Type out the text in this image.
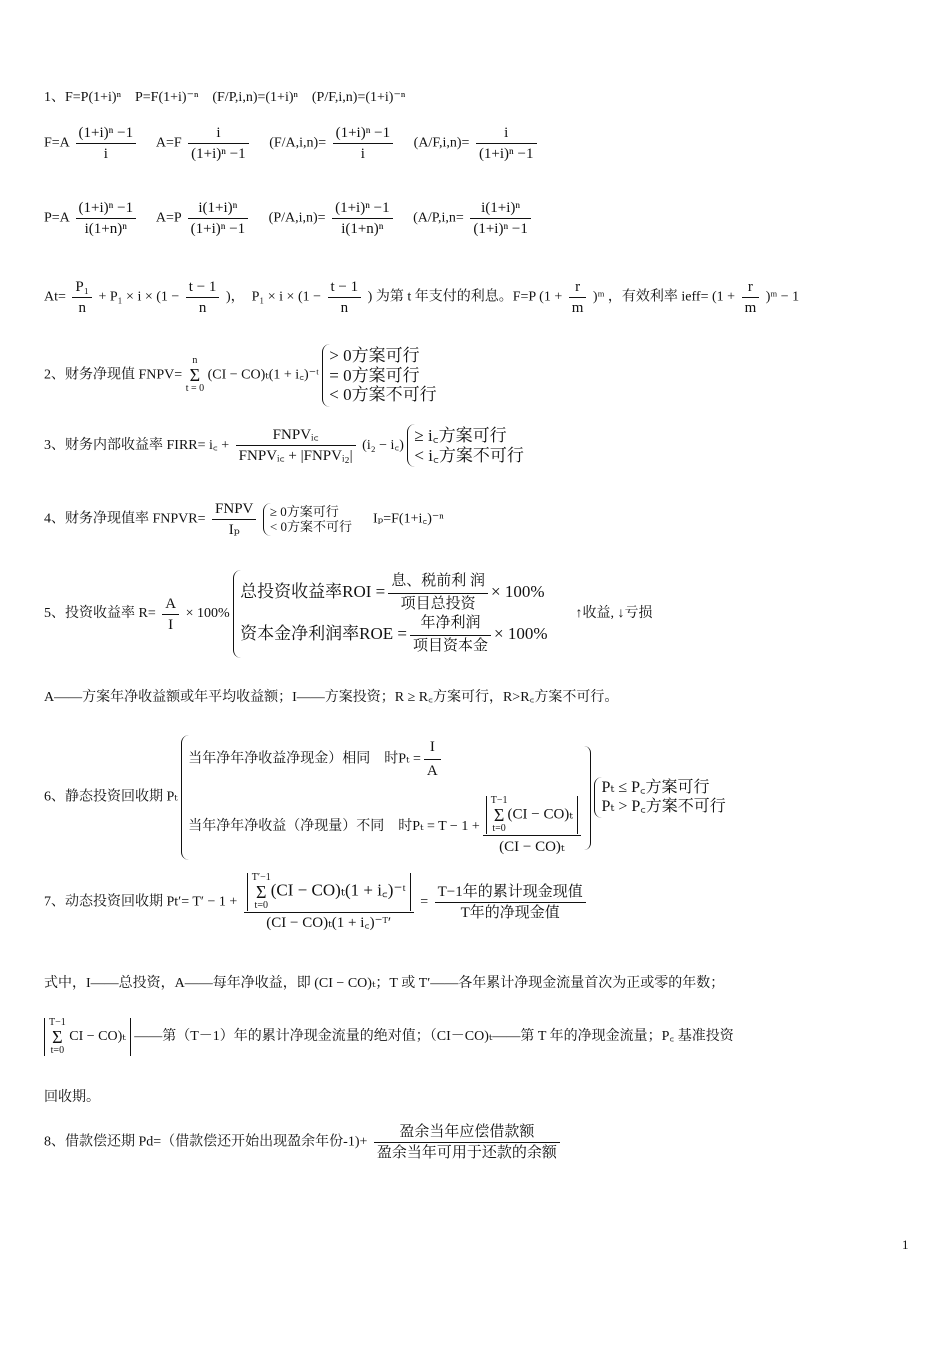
1、F=P(1+i)ⁿ　P=F(1+i)⁻ⁿ　(F/P,i,n)=(1+i)ⁿ　(P/F,i,n)=(1+i)⁻ⁿ
$F=A \frac{\text{(1+i)ⁿ −1}}{i} A=F \frac{i}{\text{(1+i)ⁿ −1}} (F/A,i,n)= \frac{\text{(1+i)ⁿ −1}}{i} (A/F,i,n)= \frac{i}{\text{(1+i)ⁿ −1}}$
$P=A \frac{\text{(1+i)ⁿ −1}}{\text{i(1+n)ⁿ}} A=P \frac{\text{i(1+i)ⁿ}}{\text{(1+i)ⁿ −1}} (P/A,i,n)= \frac{\text{(1+i)ⁿ −1}}{\text{i(1+n)ⁿ}} (A/P,i,n= \frac{\text{i(1+i)ⁿ}}{\text{(1+i)ⁿ −1}}$
$At= \frac{\text{P₁}}{n} + P_1 \times i \times (1 - \frac{t - 1}{n}$ )，　$P_1 \times i \times (1 - \frac{t - 1}{n}$ ) 为第 t 年支付的利息。F=P ($1 + \frac{r}{m}$ )ᵐ ，有效利率 ieff= ($1 + \frac{r}{m}$ )ᵐ − 1
2、财务净现值 FNPV= n
Σ
t = 0 (CI − CO)ₜ(1 + i꜀)⁻ᵗ
> 0方案可行
= 0方案可行
< 0方案不可行
3、财务内部收益率 FIRR= i꜀ + $\frac{\text{FNPVᵢ꜀}}{\text{FNPVᵢ꜀ + |FNPVᵢ₂|}} (i_2$ − i꜀)
≥ i꜀方案可行
< i꜀方案不可行
4、财务净现值率 FNPVR= $\frac{\text{FNPV}}{\text{Iₚ}}$
≥ 0方案可行
< 0方案不可行 Iₚ=F(1+i꜀)⁻ⁿ
5、投资收益率 $R= \frac{A}{I} \times 100\%$
总投资收益率ROI = $\frac{\text{息、税前利 润}}{\text{项目总投资}} \times 100\%$
资本金净利润率ROE = $\frac{\text{年净利润}}{\text{项目资本金}} \times 100\%$
↑收益, ↓亏损
A——方案年净收益额或年平均收益额；I——方案投资；R ≥ R꜀方案可行，R>R꜀方案不可行。
6、静态投资回收期 Pₜ
当年净年净收益净现金）相同　时$P_t = \frac{I}{A}$
当年净年净收益（净现量）不同　时Pₜ = T − 1 + T−1
Σ
t=0(CI − CO)ₜ
(CI − CO)ₜ

Pₜ ≤ P꜀方案可行
Pₜ > P꜀方案不可行
7、动态投资回收期 Pt′= T′ − 1 + T′−1
Σ
t=0(CI − CO)ₜ(1 + i꜀)⁻ᵗ
(CI − CO)ₜ(1 + i꜀)⁻ᵀ′ = $\frac{\text{T−1年的累计现金现值}}{\text{T年的净现金值}}$
式中，I——总投资，A——每年净收益，即 (CI − CO)ₜ；T 或 T′——各年累计净现金流量首次为正或零的年数；
T−1
Σ
t=0 CI − CO)ₜ ——第（T－1）年的累计净现金流量的绝对值；（CI－CO)ₜ——第 T 年的净现金流量；P꜀ 基准投资
回收期。
8、借款偿还期 Pd=（借款偿还开始出现盈余年份$-1)+ \frac{\text{盈余当年应偿借款额}}{\text{盈余当年可用于还款的余额}}$
1
